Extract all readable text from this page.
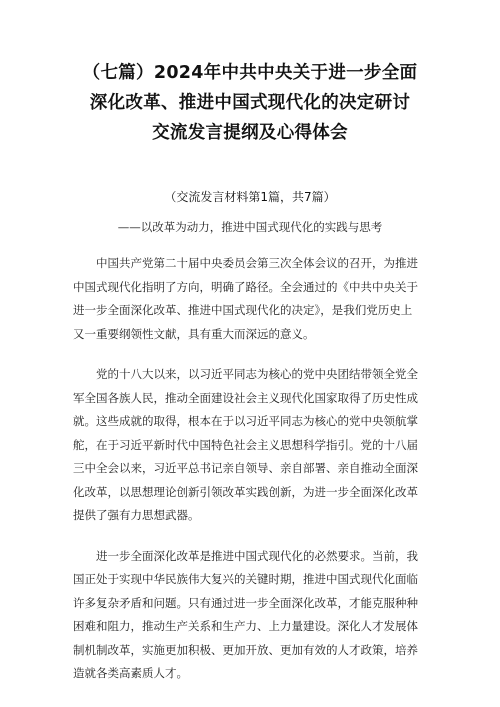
（七篇）2024年中共中央关于进一步全面
深化改革、推进中国式现代化的决定研讨
交流发言提纲及心得体会

（交流发言材料第1篇，共7篇）

——以改革为动力，推进中国式现代化的实践与思考

　　中国共产党第二十届中央委员会第三次全体会议的召开，为推进
中国式现代化指明了方向，明确了路径。全会通过的《中共中央关于
进一步全面深化改革、推进中国式现代化的决定》，是我们党历史上
又一重要纲领性文献，具有重大而深远的意义。

　　党的十八大以来，以习近平同志为核心的党中央团结带领全党全
军全国各族人民，推动全面建设社会主义现代化国家取得了历史性成
就。这些成就的取得，根本在于以习近平同志为核心的党中央领航掌
舵，在于习近平新时代中国特色社会主义思想科学指引。党的十八届
三中全会以来，习近平总书记亲自领导、亲自部署、亲自推动全面深
化改革，以思想理论创新引领改革实践创新，为进一步全面深化改革
提供了强有力思想武器。

　　进一步全面深化改革是推进中国式现代化的必然要求。当前，我
国正处于实现中华民族伟大复兴的关键时期，推进中国式现代化面临
许多复杂矛盾和问题。只有通过进一步全面深化改革，才能克服种种
困难和阻力，推动生产关系和生产力、上力量建设。深化人才发展体
制机制改革，实施更加积极、更加开放、更加有效的人才政策，培养
造就各类高素质人才。
